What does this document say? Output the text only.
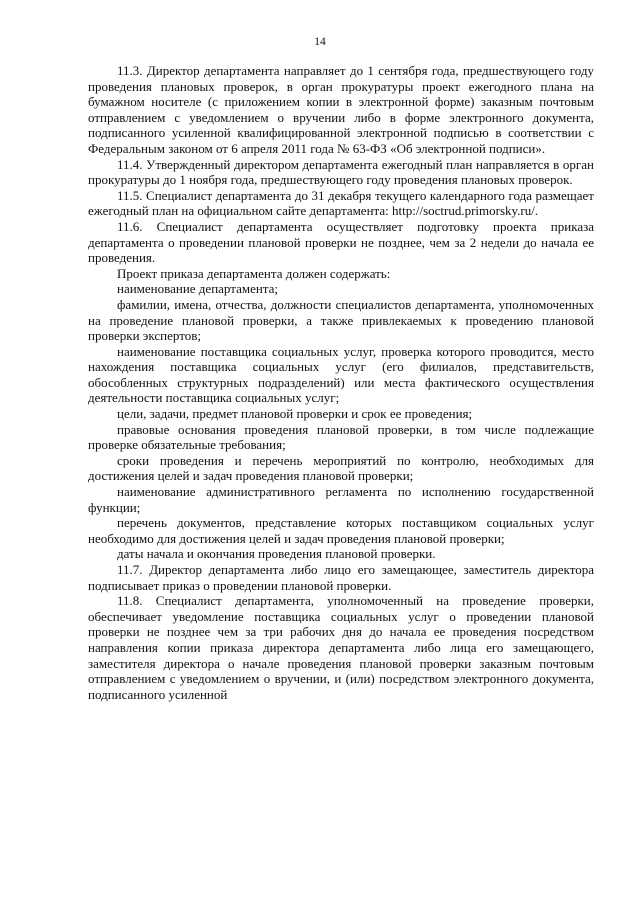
14

11.3. Директор департамента направляет до 1 сентября года, предшествующего году проведения плановых проверок, в орган прокуратуры проект ежегодного плана на бумажном носителе (с приложением копии в электронной форме) заказным почтовым отправлением с уведомлением о вручении либо в форме электронного документа, подписанного усиленной квалифицированной электронной подписью в соответствии с Федеральным законом от 6 апреля 2011 года № 63-ФЗ «Об электронной подписи».

11.4. Утвержденный директором департамента ежегодный план направляется в орган прокуратуры до 1 ноября года, предшествующего году проведения плановых проверок.

11.5. Специалист департамента до 31 декабря текущего календарного года размещает ежегодный план на официальном сайте департамента: http://soctrud.primorsky.ru/.

11.6. Специалист департамента осуществляет подготовку проекта приказа департамента о проведении плановой проверки не позднее, чем за 2 недели до начала ее проведения.

Проект приказа департамента должен содержать:

наименование департамента;

фамилии, имена, отчества, должности специалистов департамента, уполномоченных на проведение плановой проверки, а также привлекаемых к проведению плановой проверки экспертов;

наименование поставщика социальных услуг, проверка которого проводится, место нахождения поставщика социальных услуг (его филиалов, представительств, обособленных структурных подразделений) или места фактического осуществления деятельности поставщика социальных услуг;

цели, задачи, предмет плановой проверки и срок ее проведения;

правовые основания проведения плановой проверки, в том числе подлежащие проверке обязательные требования;

сроки проведения и перечень мероприятий по контролю, необходимых для достижения целей и задач проведения плановой проверки;

наименование административного регламента по исполнению государственной функции;

перечень документов, представление которых поставщиком социальных услуг необходимо для достижения целей и задач проведения плановой проверки;

даты начала и окончания проведения плановой проверки.

11.7. Директор департамента либо лицо его замещающее, заместитель директора подписывает приказ о проведении плановой проверки.

11.8. Специалист департамента, уполномоченный на проведение проверки, обеспечивает уведомление поставщика социальных услуг о проведении плановой проверки не позднее чем за три рабочих дня до начала ее проведения посредством направления копии приказа директора департамента либо лица его замещающего, заместителя директора о начале проведения плановой проверки заказным почтовым отправлением с уведомлением о вручении, и (или) посредством электронного документа, подписанного усиленной
